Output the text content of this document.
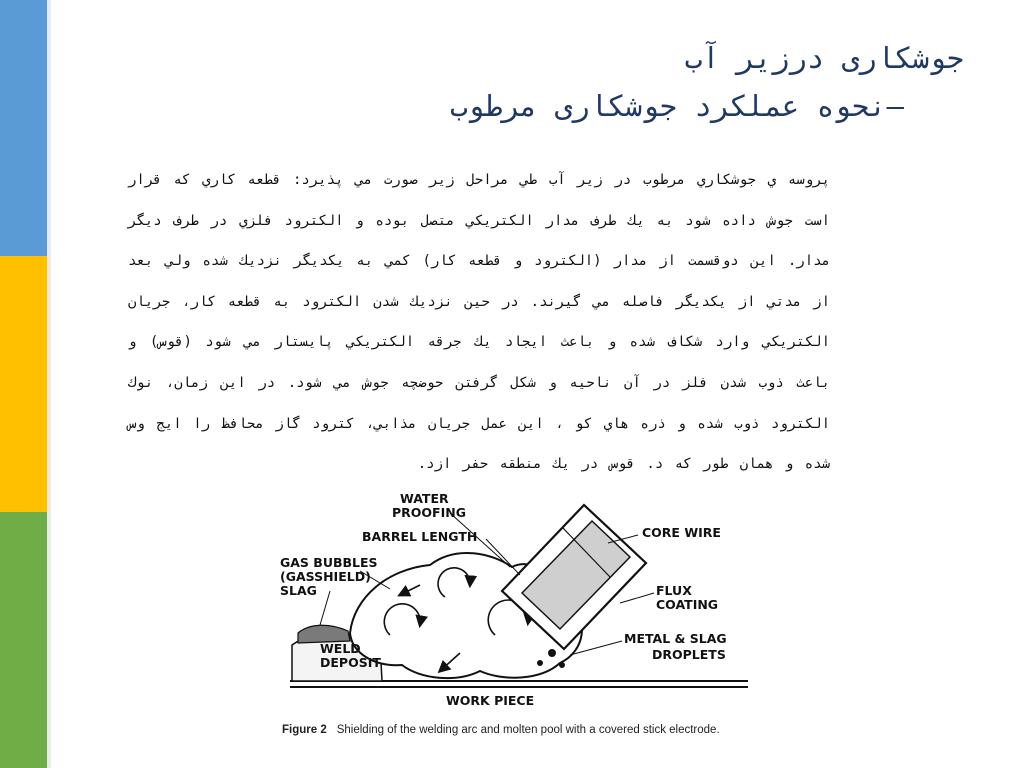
جوشکاری درزیر آب
–نحوه عملکرد جوشکاری مرطوب
پروسه ي جوشكاري مرطوب در زير آب طي مراحل زير صورت مي پذيرد: قطعه كاري كه قرار است جوش داده شود به يك طرف مدار الكتريكي متصل بوده و الكترود فلزي در طرف ديگر مدار. اين دوقسمت از مدار (الكترود و قطعه كار) كمي به يكديگر نزديك شده ولي بعد از مدتي از يكديگر فاصله مي گيرند. در حين نزديك شدن الكترود به قطعه كار، جريان الكتريكي وارد شكاف شده و باعث ايجاد يك جرقه الكتريكي پايستار مي شود (قوس) و باعث ذوب شدن فلز در آن ناحيه و شكل گرفتن حوضچه جوش مي شود. در اين زمان، نوك الكترود ذوب شده و ذره هاي كو ، اين عمل جريان مذابي، كترود گاز محافظ را ايج وس شده و همان طور كه د. قوس در يك منطقه حفر ازد.
WATER
PROOFING
BARREL LENGTH	CORE WIRE
GAS BUBBLES
(GASSHIELD)
SLAG	FLUX
COATING
WELD
DEPOSIT
METAL & SLAG
DROPLETS
WORK PIECE
Figure 2 Shielding of the welding arc and molten pool with a covered stick electrode.
